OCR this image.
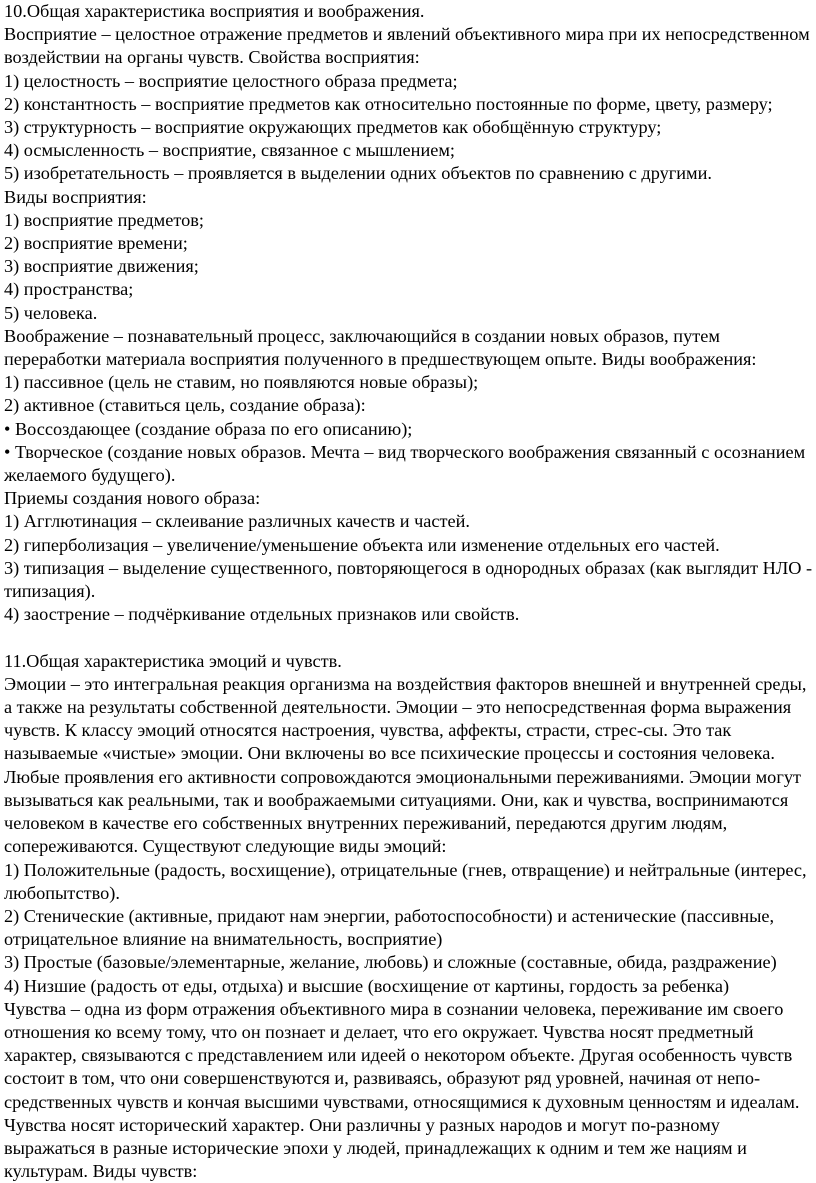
10.Общая характеристика восприятия и воображения.

Восприятие – целостное отражение предметов и явлений объективного мира при их непосредственном воздействии на органы чувств. Свойства восприятия:

1) целостность – восприятие целостного образа предмета;

2) константность – восприятие предметов как относительно постоянные по форме, цвету, размеру;

3) структурность – восприятие окружающих предметов как обобщённую структуру;

4) осмысленность – восприятие, связанное с мышлением;

5) изобретательность – проявляется в выделении одних объектов по сравнению с другими.

Виды восприятия:

1) восприятие предметов;

2) восприятие времени;

3) восприятие движения;

4) пространства;

5) человека.

Воображение – познавательный процесс, заключающийся в создании новых образов, путем переработки материала восприятия полученного в предшествующем опыте. Виды воображения:

1) пассивное (цель не ставим, но появляются новые образы);

2) активное (ставиться цель, создание образа):

• Воссоздающее (создание образа по его описанию);

• Творческое (создание новых образов. Мечта – вид творческого воображения связанный с осознанием желаемого будущего).

Приемы создания нового образа:

1) Агглютинация – склеивание различных качеств и частей.

2) гиперболизация – увеличение/уменьшение объекта или изменение отдельных его частей.

3) типизация – выделение существенного, повторяющегося в однородных образах (как выглядит НЛО - типизация).

4) заострение – подчёркивание отдельных признаков или свойств.

11.Общая характеристика эмоций и чувств.

Эмоции – это интегральная реакция организма на воздействия факторов внешней и внутренней среды, а также на результаты собственной деятельности. Эмоции – это непосредственная форма выражения чувств. К классу эмоций относятся настроения, чувства, аффекты, страсти, стрес-сы. Это так называемые «чистые» эмоции. Они включены во все психические процессы и состояния человека. Любые проявления его активности сопровождаются эмоциональными переживаниями. Эмоции могут вызываться как реальными, так и воображаемыми ситуациями. Они, как и чувства, воспринимаются человеком в качестве его собственных внутренних переживаний, передаются другим людям, сопереживаются. Существуют следующие виды эмоций:

1) Положительные (радость, восхищение), отрицательные (гнев, отвращение) и нейтральные (интерес, любопытство).

2) Стенические (активные, придают нам энергии, работоспособности) и астенические (пассивные, отрицательное влияние на внимательность, восприятие)

3) Простые (базовые/элементарные, желание, любовь) и сложные (составные, обида, раздражение)

4) Низшие (радость от еды, отдыха) и высшие (восхищение от картины, гордость за ребенка)

Чувства – одна из форм отражения объективного мира в сознании человека, переживание им своего отношения ко всему тому, что он познает и делает, что его окружает. Чувства носят предметный характер, связываются с представлением или идеей о некотором объекте. Другая особенность чувств состоит в том, что они совершенствуются и, развиваясь, образуют ряд уровней, начиная от непо-средственных чувств и кончая высшими чувствами, относящимися к духовным ценностям и идеалам. Чувства носят исторический характер. Они различны у разных народов и могут по-разному выражаться в разные исторические эпохи у людей, принадлежащих к одним и тем же нациям и культурам. Виды чувств:
